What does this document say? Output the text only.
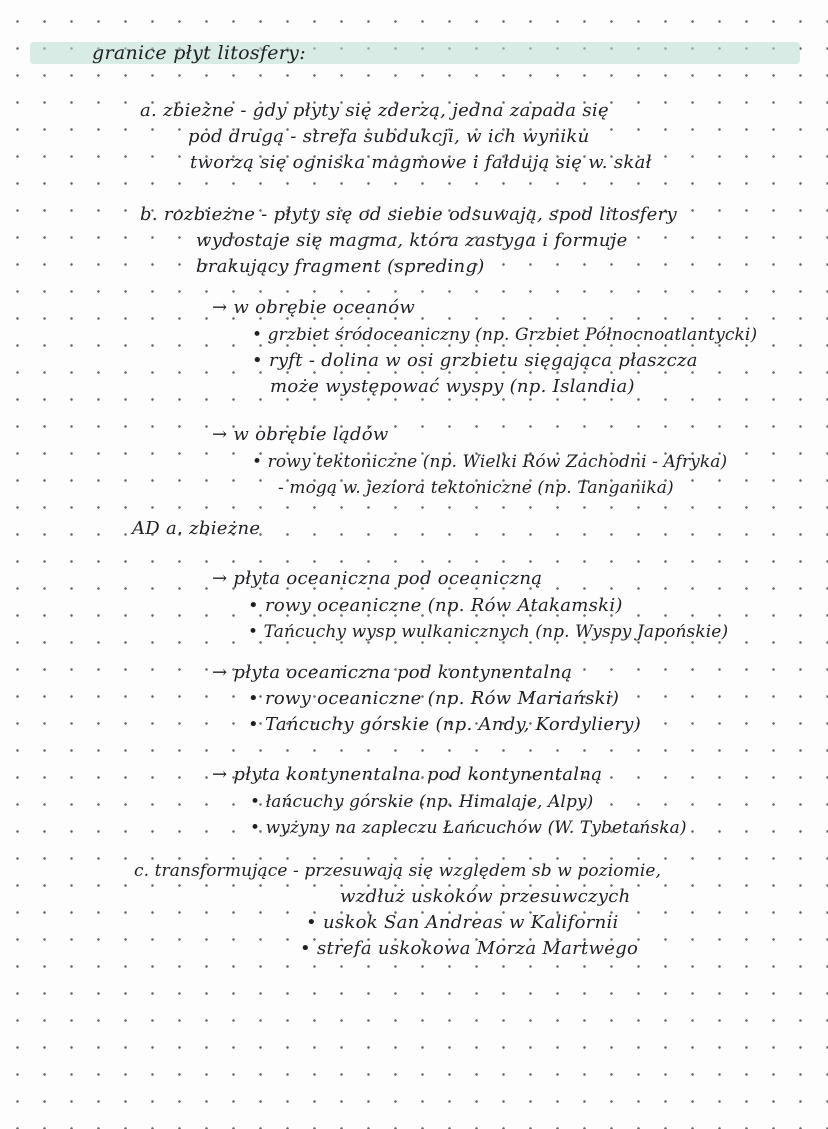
granice płyt litosfery:
a. zbieżne - gdy płyty się zderzą, jedna zapada się
pod drugą - strefa subdukcji, w ich wyniku
tworzą się ogniska magmowe i fałdują się w. skał
b. rozbieżne - płyty się od siebie odsuwają, spod litosfery
wydostaje się magma, która zastyga i formuje
brakujący fragment (spreding)
→ w obrębie oceanów
• grzbiet śródoceaniczny (np. Grzbiet Północnoatlantycki)
• ryft - dolina w osi grzbietu sięgająca płaszcza
może występować wyspy (np. Islandia)
→ w obrębie lądów
• rowy tektoniczne (np. Wielki Rów Zachodni - Afryka)
- mogą w. jeziora tektoniczne (np. Tanganika)
AD a. zbieżne
→ płyta oceaniczna pod oceaniczną
• rowy oceaniczne (np. Rów Atakamski)
• Tańcuchy wysp wulkanicznych (np. Wyspy Japońskie)
→ płyta oceaniczna pod kontynentalną
• rowy oceaniczne (np. Rów Mariański)
• Tańcuchy górskie (np. Andy, Kordyliery)
→ płyta kontynentalna pod kontynentalną
• łańcuchy górskie (np. Himalaje, Alpy)
• wyżyny na zapleczu Łańcuchów (W. Tybetańska)
c. transformujące - przesuwają się względem sb w poziomie,
wzdłuż uskoków przesuwczych
• uskok San Andreas w Kalifornii
• strefa uskokowa Morza Martwego
